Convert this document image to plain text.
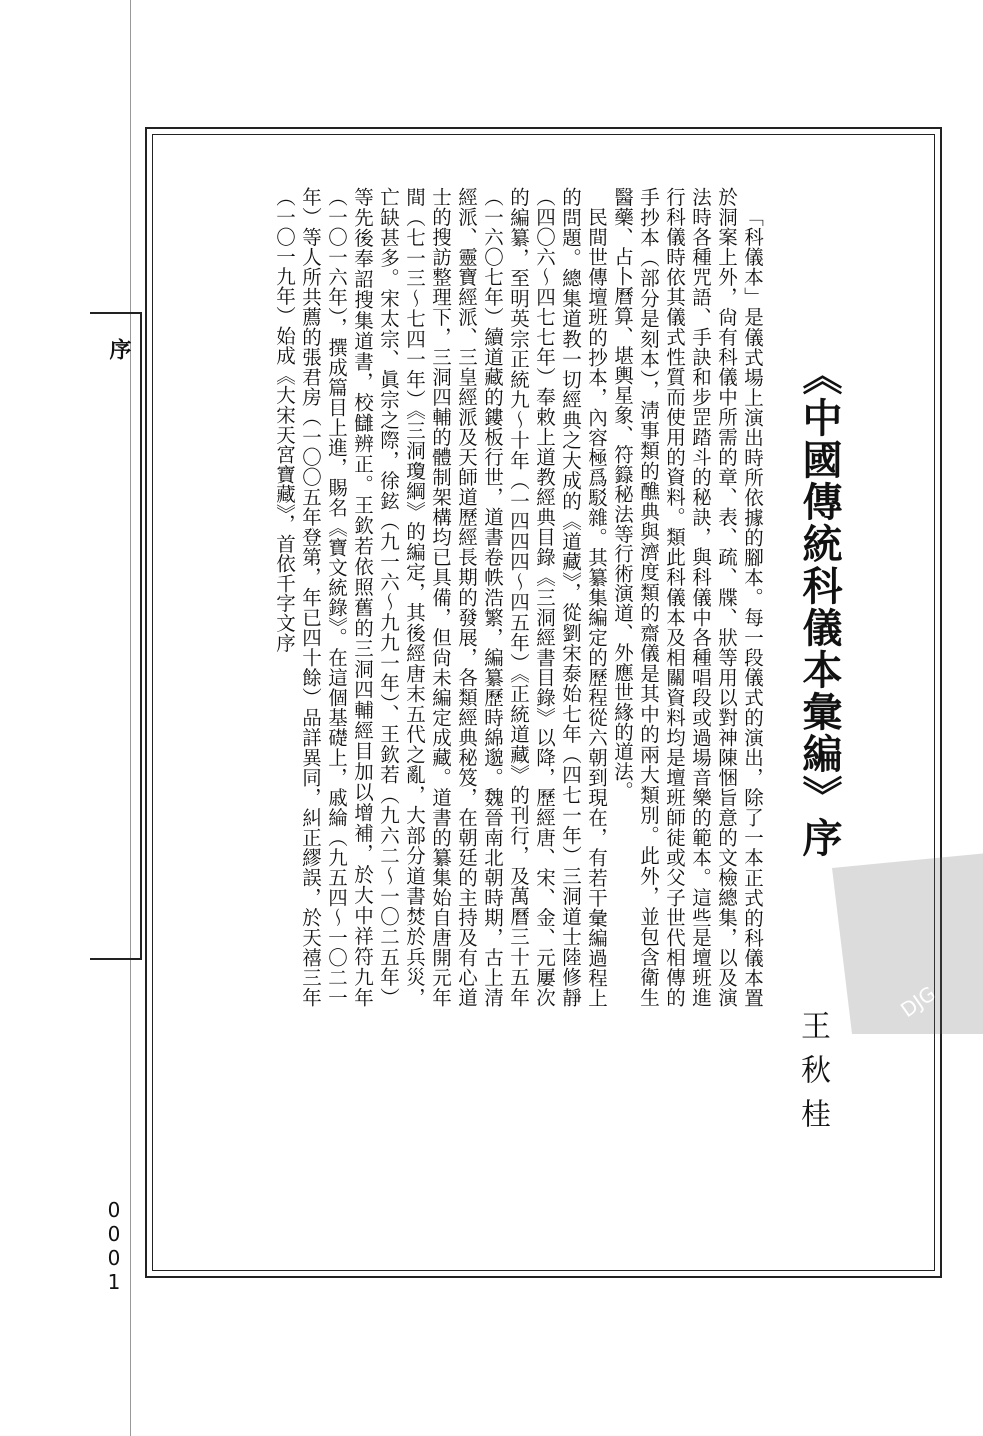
序
0001
《中國傳統科儀本彙編》序
王秋桂

「科儀本」是儀式場上演出時所依據的腳本。每一段儀式的演出，除了一本正式的科儀本置於洞案上外，尙有科儀中所需的章、表、疏、牒、狀等用以對神陳悃旨意的文檢總集，以及演法時各種咒語、手訣和步罡踏斗的秘訣，與科儀中各種唱段或過場音樂的範本。這些是壇班進行科儀時依其儀式性質而使用的資料。類此科儀本及相關資料均是壇班師徒或父子世代相傳的手抄本（部分是刻本），淸事類的醮典與濟度類的齋儀是其中的兩大類別。此外，並包含衛生醫藥、占卜曆算、堪輿星象、符籙秘法等行術演道、外應世緣的道法。

民間世傳壇班的抄本，內容極爲駁雜。其纂集編定的歷程從六朝到現在，有若干彙編過程上的問題。總集道教一切經典之大成的《道藏》，從劉宋泰始七年（四七一年）三洞道士陸修靜（四〇六～四七七年）奉敕上道教經典目錄《三洞經書目錄》以降，歷經唐、宋、金、元屢次的編纂，至明英宗正統九～十年（一四四四～四五年）《正統道藏》的刊行，及萬曆三十五年（一六〇七年）續道藏的鏤板行世，道書卷帙浩繁，編纂歷時綿邈。魏晉南北朝時期，古上清經派、靈寶經派、三皇經派及天師道歷經長期的發展，各類經典秘笈，在朝廷的主持及有心道士的搜訪整理下，三洞四輔的體制架構均已具備，但尙未編定成藏。道書的纂集始自唐開元年間（七一三～七四一年）《三洞瓊綱》的編定，其後經唐末五代之亂，大部分道書焚於兵災，亡缺甚多。宋太宗、眞宗之際，徐鉉（九一六～九九一年）、王欽若（九六二～一〇二五年）等先後奉詔搜集道書，校讎辨正。王欽若依照舊的三洞四輔經目加以增補，於大中祥符九年（一〇一六年），撰成篇目上進，賜名《寶文統錄》。在這個基礎上，戚綸（九五四～一〇二一年）等人所共薦的張君房（一〇〇五年登第，年已四十餘）品詳異同，糾正繆誤，於天禧三年（一〇一九年）始成《大宋天宮寶藏》，首依千字文序

DJG
